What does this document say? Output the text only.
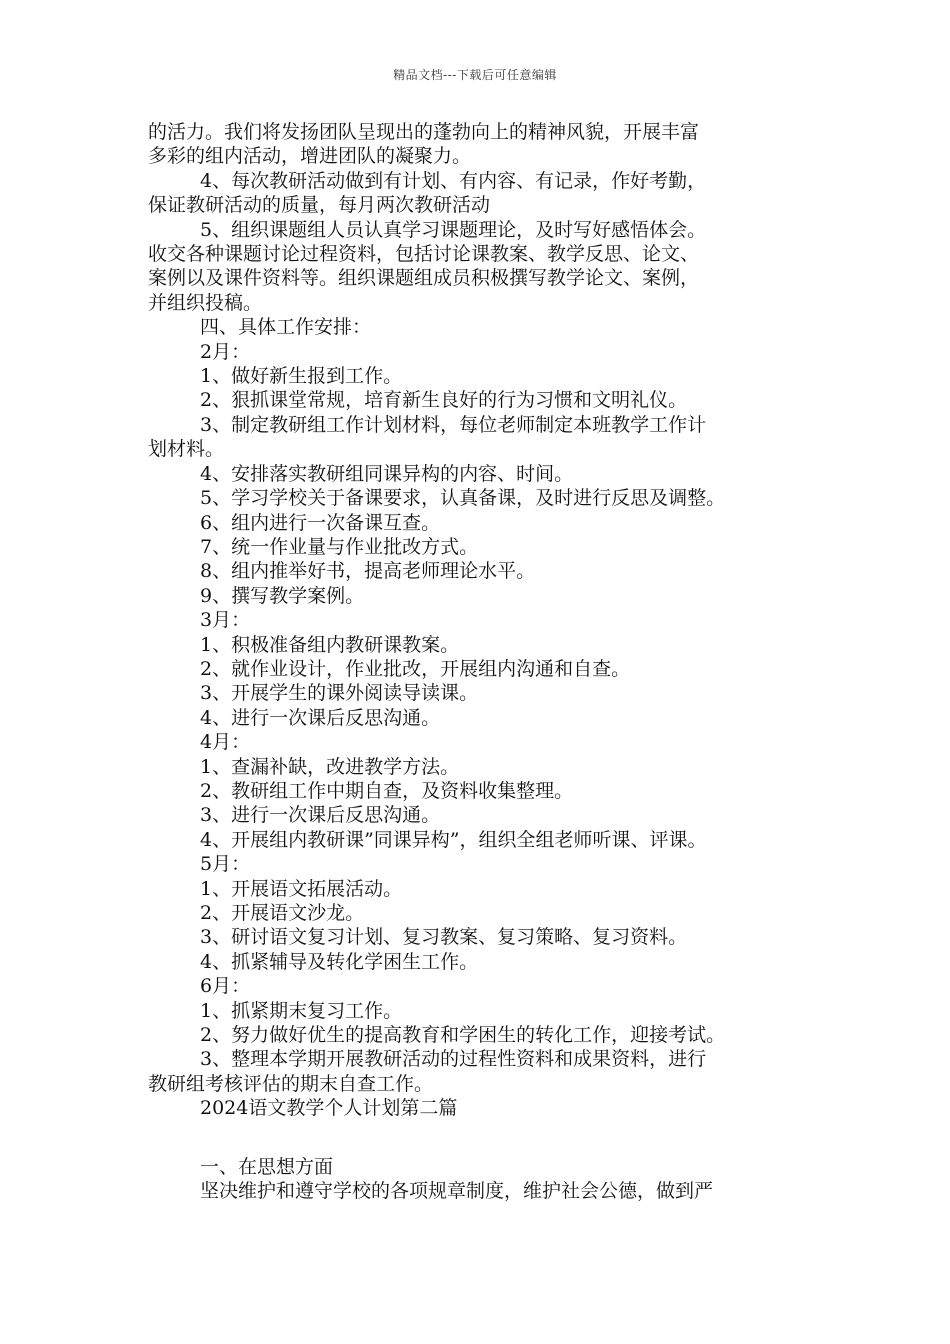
精品文档---下载后可任意编辑

的活力。我们将发扬团队呈现出的蓬勃向上的精神风貌，开展丰富

多彩的组内活动，增进团队的凝聚力。

4、每次教研活动做到有计划、有内容、有记录，作好考勤，

保证教研活动的质量，每月两次教研活动

5、组织课题组人员认真学习课题理论，及时写好感悟体会。

收交各种课题讨论过程资料，包括讨论课教案、教学反思、论文、

案例以及课件资料等。组织课题组成员积极撰写教学论文、案例，

并组织投稿。

四、具体工作安排：

2月：

1、做好新生报到工作。

2、狠抓课堂常规，培育新生良好的行为习惯和文明礼仪。

3、制定教研组工作计划材料，每位老师制定本班教学工作计

划材料。

4、安排落实教研组同课异构的内容、时间。

5、学习学校关于备课要求，认真备课，及时进行反思及调整。

6、组内进行一次备课互查。

7、统一作业量与作业批改方式。

8、组内推举好书，提高老师理论水平。

9、撰写教学案例。

3月：

1、积极准备组内教研课教案。

2、就作业设计，作业批改，开展组内沟通和自查。

3、开展学生的课外阅读导读课。

4、进行一次课后反思沟通。

4月：

1、查漏补缺，改进教学方法。

2、教研组工作中期自查，及资料收集整理。

3、进行一次课后反思沟通。

4、开展组内教研课”同课异构”，组织全组老师听课、评课。

5月：

1、开展语文拓展活动。

2、开展语文沙龙。

3、研讨语文复习计划、复习教案、复习策略、复习资料。

4、抓紧辅导及转化学困生工作。

6月：

1、抓紧期末复习工作。

2、努力做好优生的提高教育和学困生的转化工作，迎接考试。

3、整理本学期开展教研活动的过程性资料和成果资料，进行

教研组考核评估的期末自查工作。

2024语文教学个人计划第二篇

一、在思想方面

坚决维护和遵守学校的各项规章制度，维护社会公德，做到严
